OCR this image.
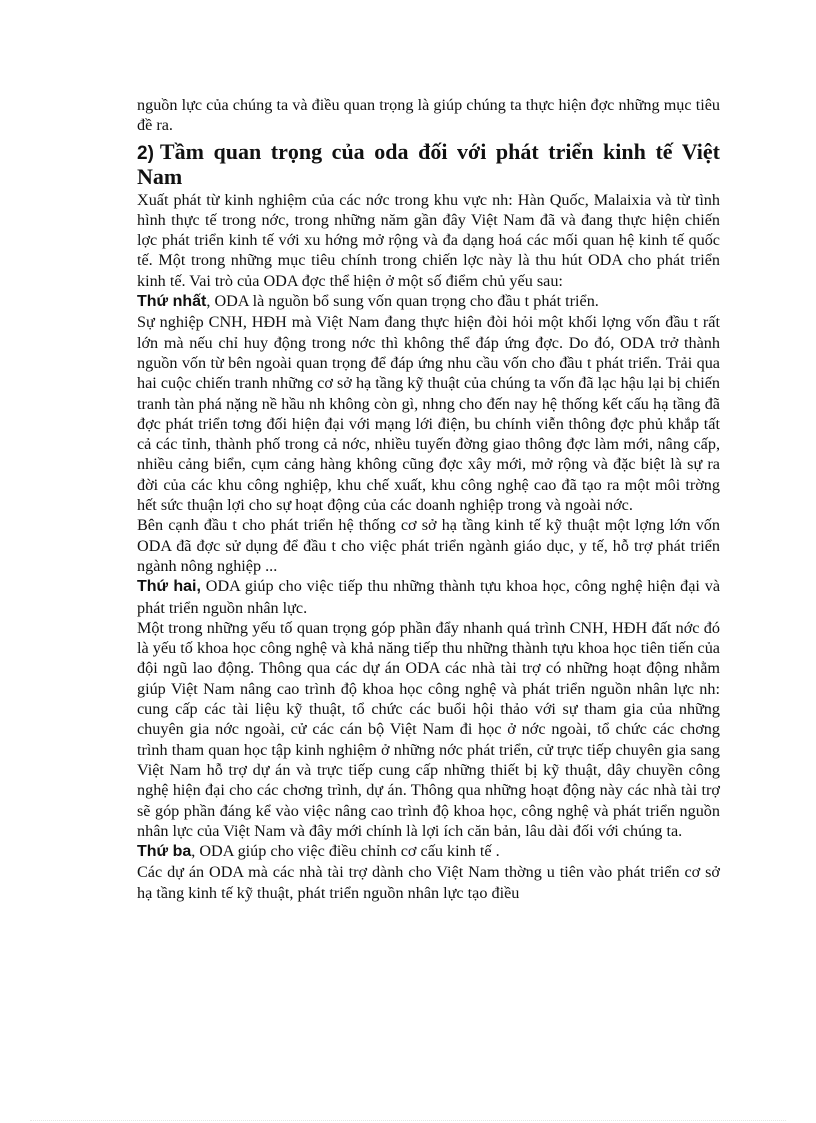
nguồn lực của chúng ta và điều quan trọng là giúp chúng ta thực hiện đợc những mục tiêu đề ra.

2) Tầm quan trọng của oda đối với phát triển kinh tế Việt Nam

Xuất phát từ kinh nghiệm của các nớc trong khu vực nh: Hàn Quốc, Malaixia và từ tình hình thực tế trong nớc, trong những năm gần đây Việt Nam đã và đang thực hiện chiến lợc phát triển kinh tế với xu hớng mở rộng và đa dạng hoá các mối quan hệ kinh tế quốc tế. Một trong những mục tiêu chính trong chiến lợc này là thu hút ODA cho phát triển kinh tế. Vai trò của ODA đợc thể hiện ở một số điểm chủ yếu sau:

Thứ nhất, ODA là nguồn bổ sung vốn quan trọng cho đầu t phát triển.

Sự nghiệp CNH, HĐH mà Việt Nam đang thực hiện đòi hỏi một khối lợng vốn đầu t rất lớn mà nếu chỉ huy động trong nớc thì không thể đáp ứng đợc. Do đó, ODA trở thành nguồn vốn từ bên ngoài quan trọng để đáp ứng nhu cầu vốn cho đầu t phát triển. Trải qua hai cuộc chiến tranh những cơ sở hạ tầng kỹ thuật của chúng ta vốn đã lạc hậu lại bị chiến tranh tàn phá nặng nề hầu nh không còn gì, nhng cho đến nay hệ thống kết cấu hạ tầng đã đợc phát triển tơng đối hiện đại với mạng lới điện, bu chính viễn thông đợc phủ khắp tất cả các tỉnh, thành phố trong cả nớc, nhiều tuyến đờng giao thông đợc làm mới, nâng cấp, nhiều cảng biển, cụm cảng hàng không cũng đợc xây mới, mở rộng và đặc biệt là sự ra đời của các khu công nghiệp, khu chế xuất, khu công nghệ cao đã tạo ra một môi trờng hết sức thuận lợi cho sự hoạt động của các doanh nghiệp trong và ngoài nớc.

Bên cạnh đầu t cho phát triển hệ thống cơ sở hạ tầng kinh tế kỹ thuật một lợng lớn vốn ODA đã đợc sử dụng để đầu t cho việc phát triển ngành giáo dục, y tế, hỗ trợ phát triển ngành nông nghiệp ...

Thứ hai, ODA giúp cho việc tiếp thu những thành tựu khoa học, công nghệ hiện đại và phát triển nguồn nhân lực.

Một trong những yếu tố quan trọng góp phần đẩy nhanh quá trình CNH, HĐH đất nớc đó là yếu tố khoa học công nghệ và khả năng tiếp thu những thành tựu khoa học tiên tiến của đội ngũ lao động. Thông qua các dự án ODA các nhà tài trợ có những hoạt động nhằm giúp Việt Nam nâng cao trình độ khoa học công nghệ và phát triển nguồn nhân lực nh: cung cấp các tài liệu kỹ thuật, tổ chức các buổi hội thảo với sự tham gia của những chuyên gia nớc ngoài, cử các cán bộ Việt Nam đi học ở nớc ngoài, tổ chức các chơng trình tham quan học tập kinh nghiệm ở những nớc phát triển, cử trực tiếp chuyên gia sang Việt Nam hỗ trợ dự án và trực tiếp cung cấp những thiết bị kỹ thuật, dây chuyền công nghệ hiện đại cho các chơng trình, dự án. Thông qua những hoạt động này các nhà tài trợ sẽ góp phần đáng kể vào việc nâng cao trình độ khoa học, công nghệ và phát triển nguồn nhân lực của Việt Nam và đây mới chính là lợi ích căn bản, lâu dài đối với chúng ta.

Thứ ba, ODA giúp cho việc điều chỉnh cơ cấu kinh tế .

Các dự án ODA mà các nhà tài trợ dành cho Việt Nam thờng u tiên vào phát triển cơ sở hạ tầng kinh tế kỹ thuật, phát triển nguồn nhân lực tạo điều
